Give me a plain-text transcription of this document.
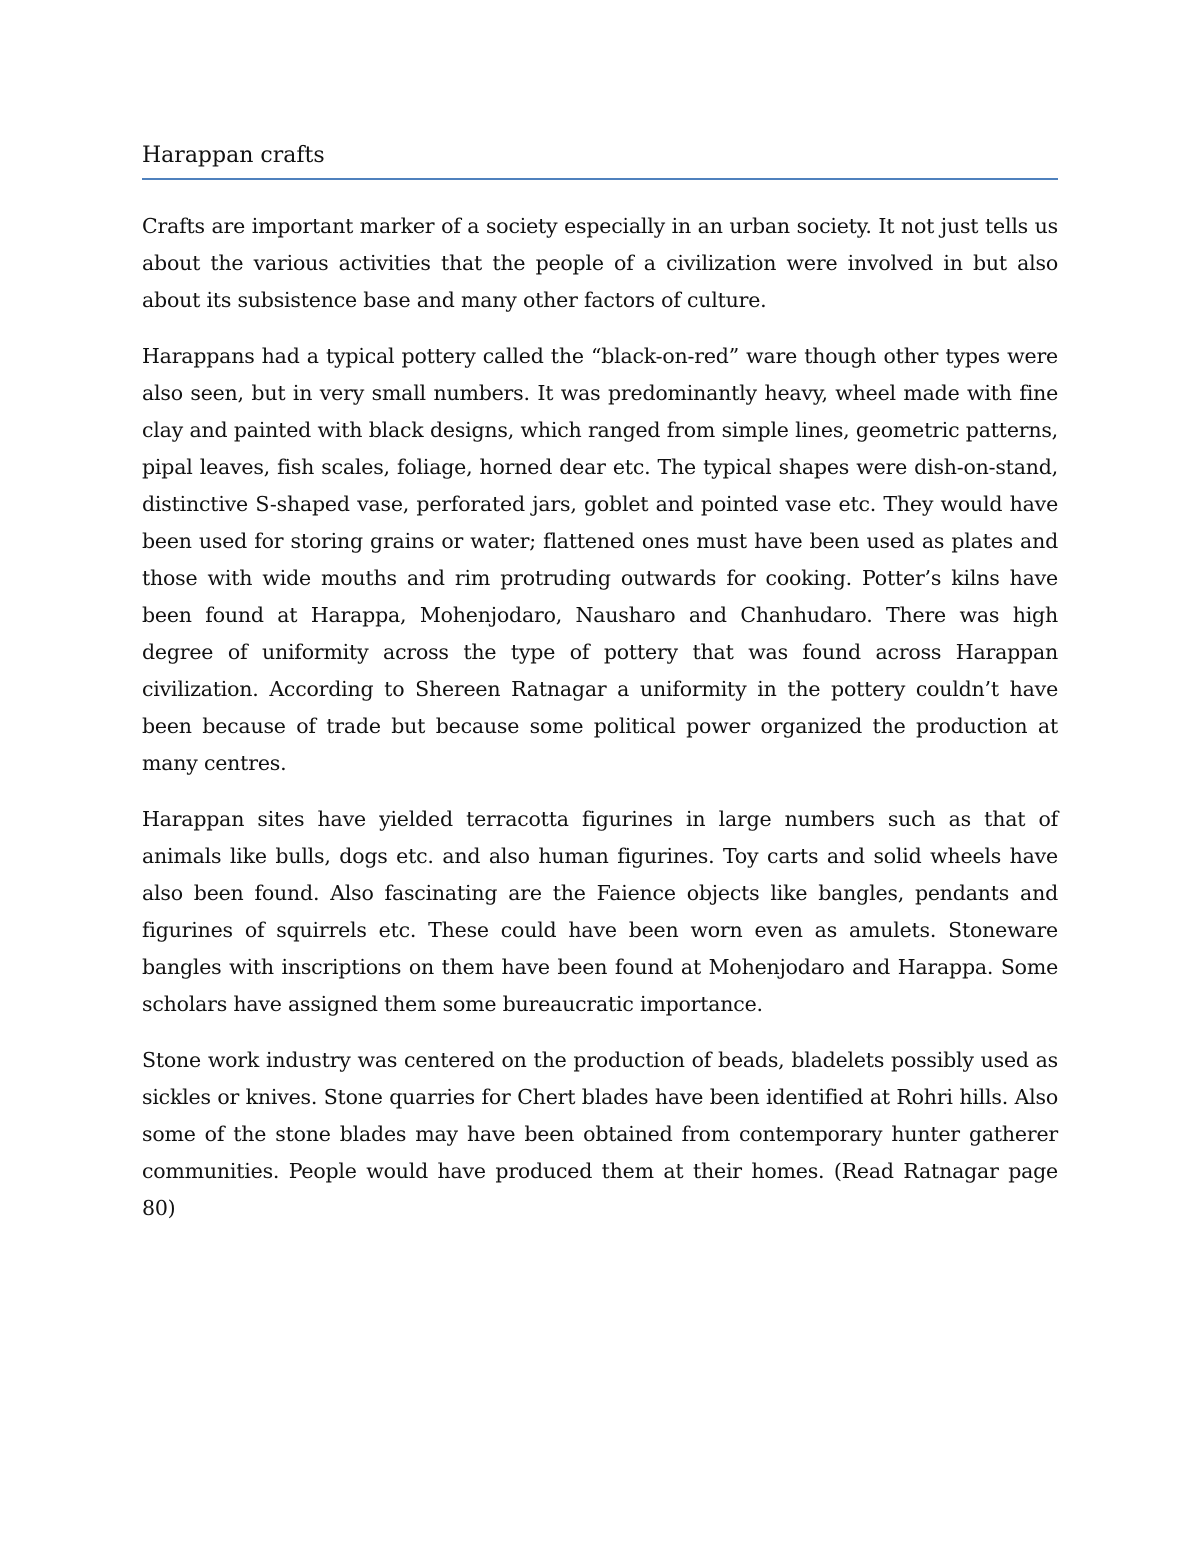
Harappan crafts

Crafts are important marker of a society especially in an urban society. It not just tells us about the various activities that the people of a civilization were involved in but also about its subsistence base and many other factors of culture.

Harappans had a typical pottery called the “black-on-red” ware though other types were also seen, but in very small numbers. It was predominantly heavy, wheel made with fine clay and painted with black designs, which ranged from simple lines, geometric patterns, pipal leaves, fish scales, foliage, horned dear etc. The typical shapes were dish-on-stand, distinctive S-shaped vase, perforated jars, goblet and pointed vase etc. They would have been used for storing grains or water; flattened ones must have been used as plates and those with wide mouths and rim protruding outwards for cooking. Potter’s kilns have been found at Harappa, Mohenjodaro, Nausharo and Chanhudaro. There was high degree of uniformity across the type of pottery that was found across Harappan civilization. According to Shereen Ratnagar a uniformity in the pottery couldn’t have been because of trade but because some political power organized the production at many centres.

Harappan sites have yielded terracotta figurines in large numbers such as that of animals like bulls, dogs etc. and also human figurines. Toy carts and solid wheels have also been found. Also fascinating are the Faience objects like bangles, pendants and figurines of squirrels etc. These could have been worn even as amulets. Stoneware bangles with inscriptions on them have been found at Mohenjodaro and Harappa. Some scholars have assigned them some bureaucratic importance.

Stone work industry was centered on the production of beads, bladelets possibly used as sickles or knives. Stone quarries for Chert blades have been identified at Rohri hills. Also some of the stone blades may have been obtained from contemporary hunter gatherer communities. People would have produced them at their homes. (Read Ratnagar page 80)
